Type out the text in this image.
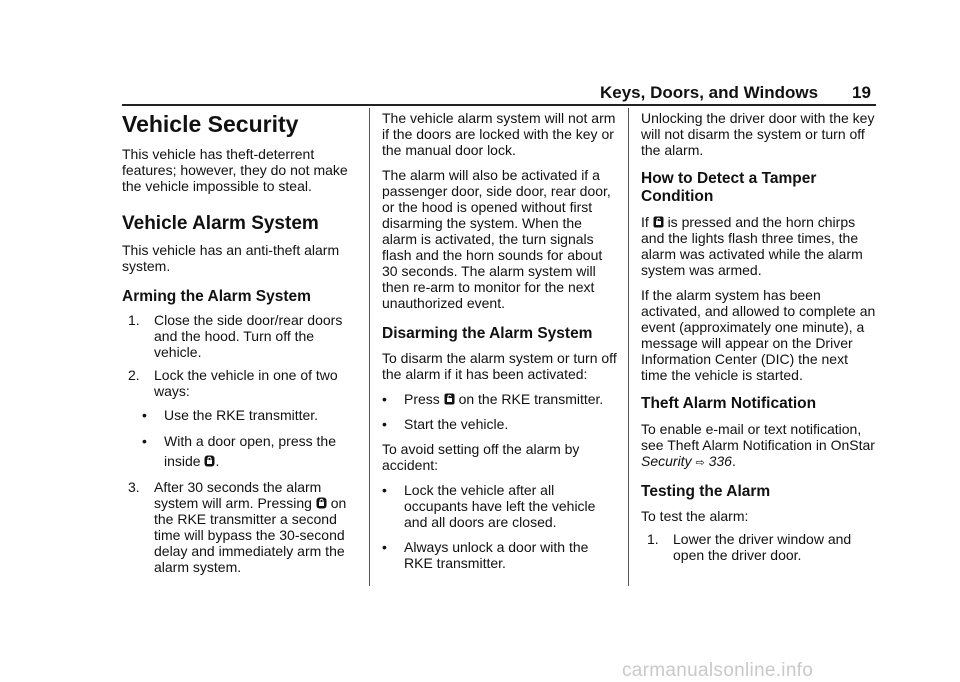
Keys, Doors, and Windows 19
Vehicle Security

This vehicle has theft-deterrent features; however, they do not make the vehicle impossible to steal.

Vehicle Alarm System

This vehicle has an anti-theft alarm system.

Arming the Alarm System
1.	Close the side door/rear doors and the hood. Turn off the vehicle.
2.	Lock the vehicle in one of two ways:
•	Use the RKE transmitter.
•	With a door open, press the inside .
3.	After 30 seconds the alarm system will arm. Pressing on the RKE transmitter a second time will bypass the 30-second delay and immediately arm the alarm system.

The vehicle alarm system will not arm if the doors are locked with the key or the manual door lock.

The alarm will also be activated if a passenger door, side door, rear door, or the hood is opened without first disarming the system. When the alarm is activated, the turn signals flash and the horn sounds for about 30 seconds. The alarm system will then re-arm to monitor for the next unauthorized event.

Disarming the Alarm System

To disarm the alarm system or turn off the alarm if it has been activated:

•	Press on the RKE transmitter.
•	Start the vehicle.

To avoid setting off the alarm by accident:

•	Lock the vehicle after all occupants have left the vehicle and all doors are closed.
•	Always unlock a door with the RKE transmitter.

Unlocking the driver door with the key will not disarm the system or turn off the alarm.

How to Detect a Tamper Condition

If is pressed and the horn chirps and the lights flash three times, the alarm was activated while the alarm system was armed.

If the alarm system has been activated, and allowed to complete an event (approximately one minute), a message will appear on the Driver Information Center (DIC) the next time the vehicle is started.

Theft Alarm Notification

To enable e-mail or text notification, see Theft Alarm Notification in OnStar Security ⇨ 336.

Testing the Alarm

To test the alarm:

1.	Lower the driver window and open the driver door.
carmanualsonline.info
